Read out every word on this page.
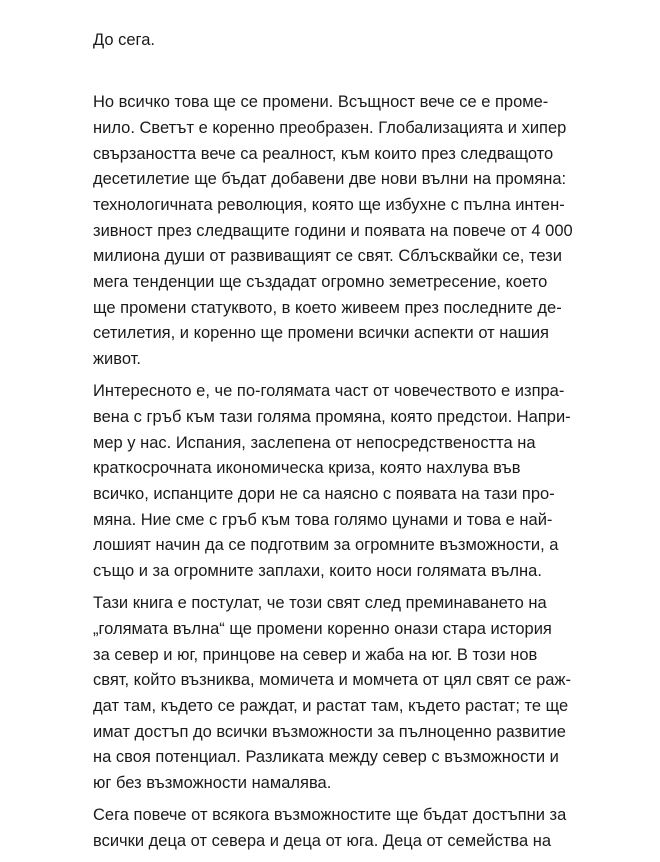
До сега.
Но всичко това ще се промени. Всъщност вече се е проме-
нило. Светът е коренно преобразен. Глобализацията и хипер
свързаността вече са реалност, към които през следващото
десетилетие ще бъдат добавени две нови вълни на промяна:
технологичната революция, която ще избухне с пълна интен-
зивност през следващите години и появата на повече от 4 000
милиона души от развиващият се свят. Сблъсквайки се, тези
мега тенденции ще създадат огромно земетресение, което
ще промени статуквото, в което живеем през последните де-
сетилетия, и коренно ще промени всички аспекти от нашия
живот.
Интересното е, че по-голямата част от човечеството е изпра-
вена с гръб към тази голяма промяна, която предстои. Напри-
мер у нас. Испания, заслепена от непосредствеността на
краткосрочната икономическа криза, която нахлува във
всичко, испанците дори не са наясно с появата на тази про-
мяна. Ние сме с гръб към това голямо цунами и това е най-
лошият начин да се подготвим за огромните възможности, а
също и за огромните заплахи, които носи голямата вълна.
Тази книга е постулат, че този свят след преминаването на
„голямата вълна“ ще промени коренно онази стара история
за север и юг, принцове на север и жаба на юг. В този нов
свят, който възниква, момичета и момчета от цял свят се раж-
дат там, където се раждат, и растат там, където растат; те ще
имат достъп до всички възможности за пълноценно развитие
на своя потенциал. Разликата между север с възможности и
юг без възможности намалява.
Сега повече от всякога възможностите ще бъдат достъпни за
всички деца от севера и деца от юга. Деца от семейства на
